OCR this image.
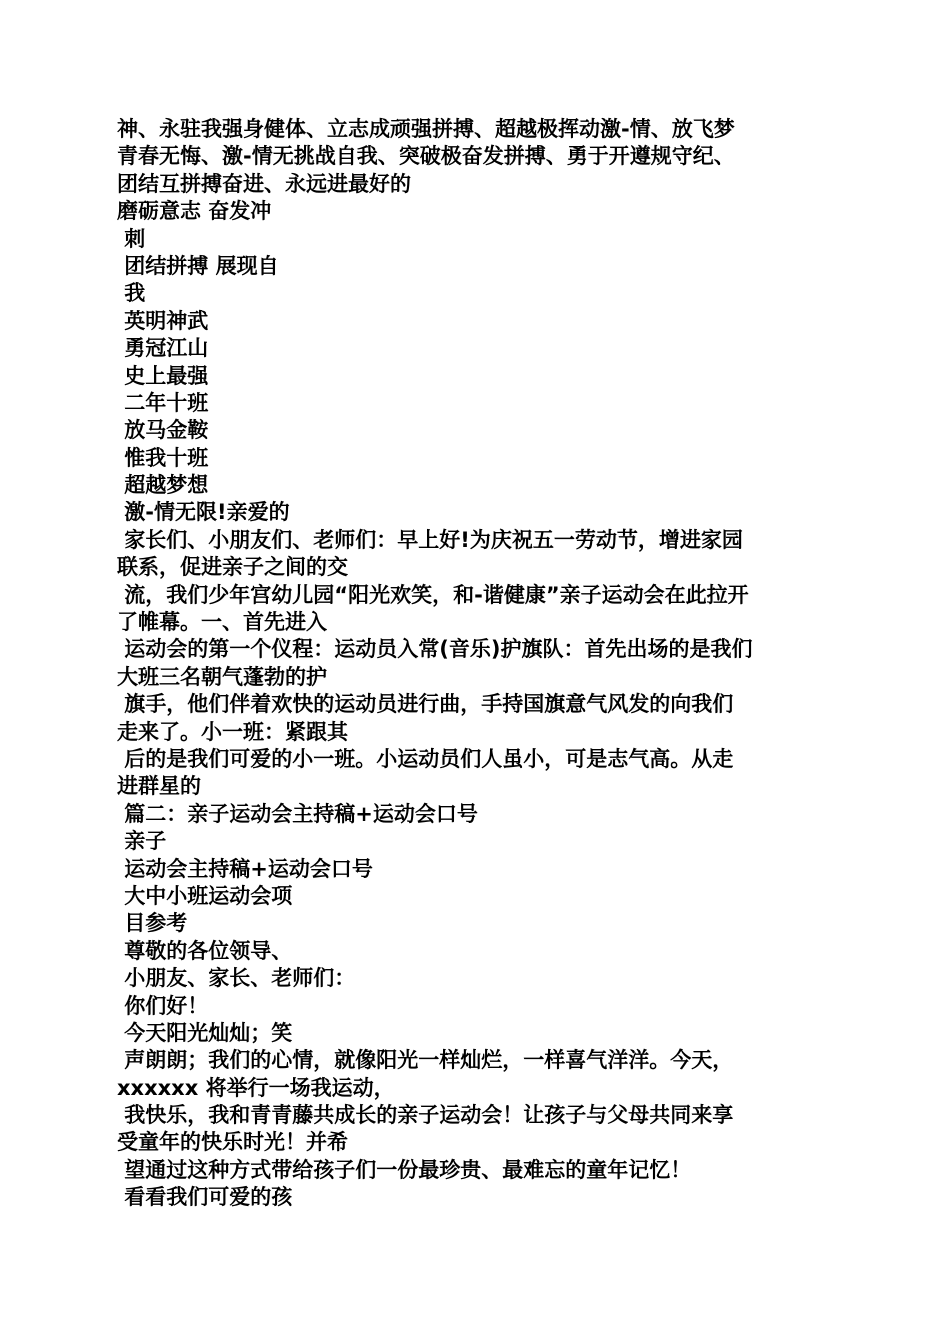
神、永驻我强身健体、立志成顽强拼搏、超越极挥动激-情、放飞梦
青春无悔、激-情无挑战自我、突破极奋发拼搏、勇于开遵规守纪、
团结互拼搏奋进、永远进最好的
磨砺意志 奋发冲
刺
团结拼搏 展现自
我
英明神武
勇冠江山
史上最强
二年十班
放马金鞍
惟我十班
超越梦想
激-情无限!亲爱的
家长们、小朋友们、老师们：早上好!为庆祝五一劳动节，增进家园
联系，促进亲子之间的交
流，我们少年宫幼儿园“阳光欢笑，和-谐健康”亲子运动会在此拉开
了帷幕。一、首先进入
运动会的第一个仪程：运动员入常(音乐)护旗队：首先出场的是我们
大班三名朝气蓬勃的护
旗手，他们伴着欢快的运动员进行曲，手持国旗意气风发的向我们
走来了。小一班：紧跟其
后的是我们可爱的小一班。小运动员们人虽小，可是志气高。从走
进群星的
篇二：亲子运动会主持稿+运动会口号
亲子
运动会主持稿+运动会口号
大中小班运动会项
目参考
尊敬的各位领导、
小朋友、家长、老师们：
你们好！
今天阳光灿灿；笑
声朗朗；我们的心情，就像阳光一样灿烂，一样喜气洋洋。今天，
xxxxxx 将举行一场我运动，
我快乐，我和青青藤共成长的亲子运动会！让孩子与父母共同来享
受童年的快乐时光！并希
望通过这种方式带给孩子们一份最珍贵、最难忘的童年记忆！
看看我们可爱的孩
